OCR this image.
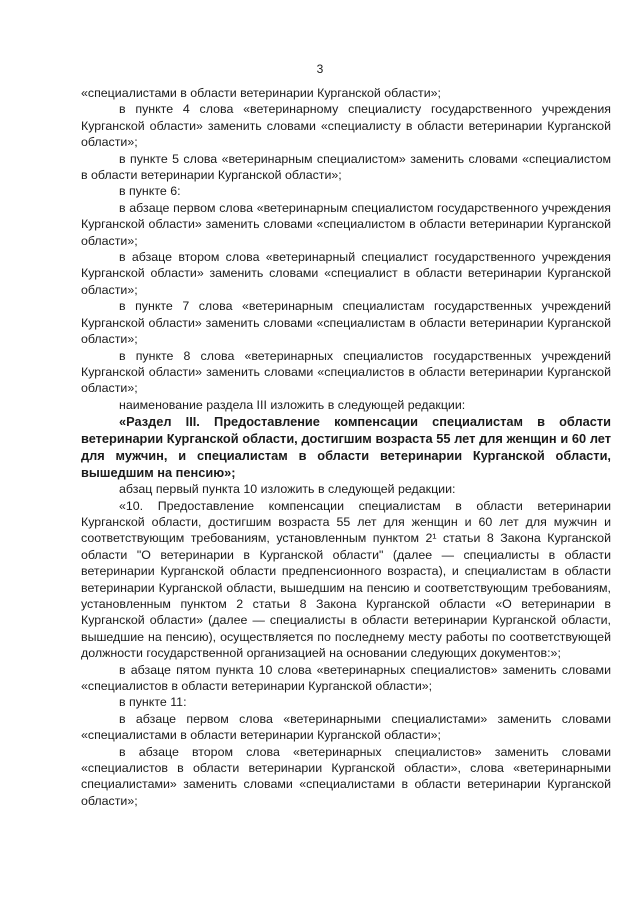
3

«специалистами в области ветеринарии Курганской области»;

в пункте 4 слова «ветеринарному специалисту государственного учреждения Курганской области» заменить словами «специалисту в области ветеринарии Курганской области»;

в пункте 5 слова «ветеринарным специалистом» заменить словами «специалистом в области ветеринарии Курганской области»;

в пункте 6:

в абзаце первом слова «ветеринарным специалистом государственного учреждения Курганской области» заменить словами «специалистом в области ветеринарии Курганской области»;

в абзаце втором слова «ветеринарный специалист государственного учреждения Курганской области» заменить словами «специалист в области ветеринарии Курганской области»;

в пункте 7 слова «ветеринарным специалистам государственных учреждений Курганской области» заменить словами «специалистам в области ветеринарии Курганской области»;

в пункте 8 слова «ветеринарных специалистов государственных учреждений Курганской области» заменить словами «специалистов в области ветеринарии Курганской области»;

наименование раздела III изложить в следующей редакции:

«Раздел III. Предоставление компенсации специалистам в области ветеринарии Курганской области, достигшим возраста 55 лет для женщин и 60 лет для мужчин, и специалистам в области ветеринарии Курганской области, вышедшим на пенсию»;

абзац первый пункта 10 изложить в следующей редакции:

«10. Предоставление компенсации специалистам в области ветеринарии Курганской области, достигшим возраста 55 лет для женщин и 60 лет для мужчин и соответствующим требованиям, установленным пунктом 2¹ статьи 8 Закона Курганской области "О ветеринарии в Курганской области" (далее — специалисты в области ветеринарии Курганской области предпенсионного возраста), и специалистам в области ветеринарии Курганской области, вышедшим на пенсию и соответствующим требованиям, установленным пунктом 2 статьи 8 Закона Курганской области «О ветеринарии в Курганской области» (далее — специалисты в области ветеринарии Курганской области, вышедшие на пенсию), осуществляется по последнему месту работы по соответствующей должности государственной организацией на основании следующих документов:»;

в абзаце пятом пункта 10 слова «ветеринарных специалистов» заменить словами «специалистов в области ветеринарии Курганской области»;

в пункте 11:

в абзаце первом слова «ветеринарными специалистами» заменить словами «специалистами в области ветеринарии Курганской области»;

в абзаце втором слова «ветеринарных специалистов» заменить словами «специалистов в области ветеринарии Курганской области», слова «ветеринарными специалистами» заменить словами «специалистами в области ветеринарии Курганской области»;
